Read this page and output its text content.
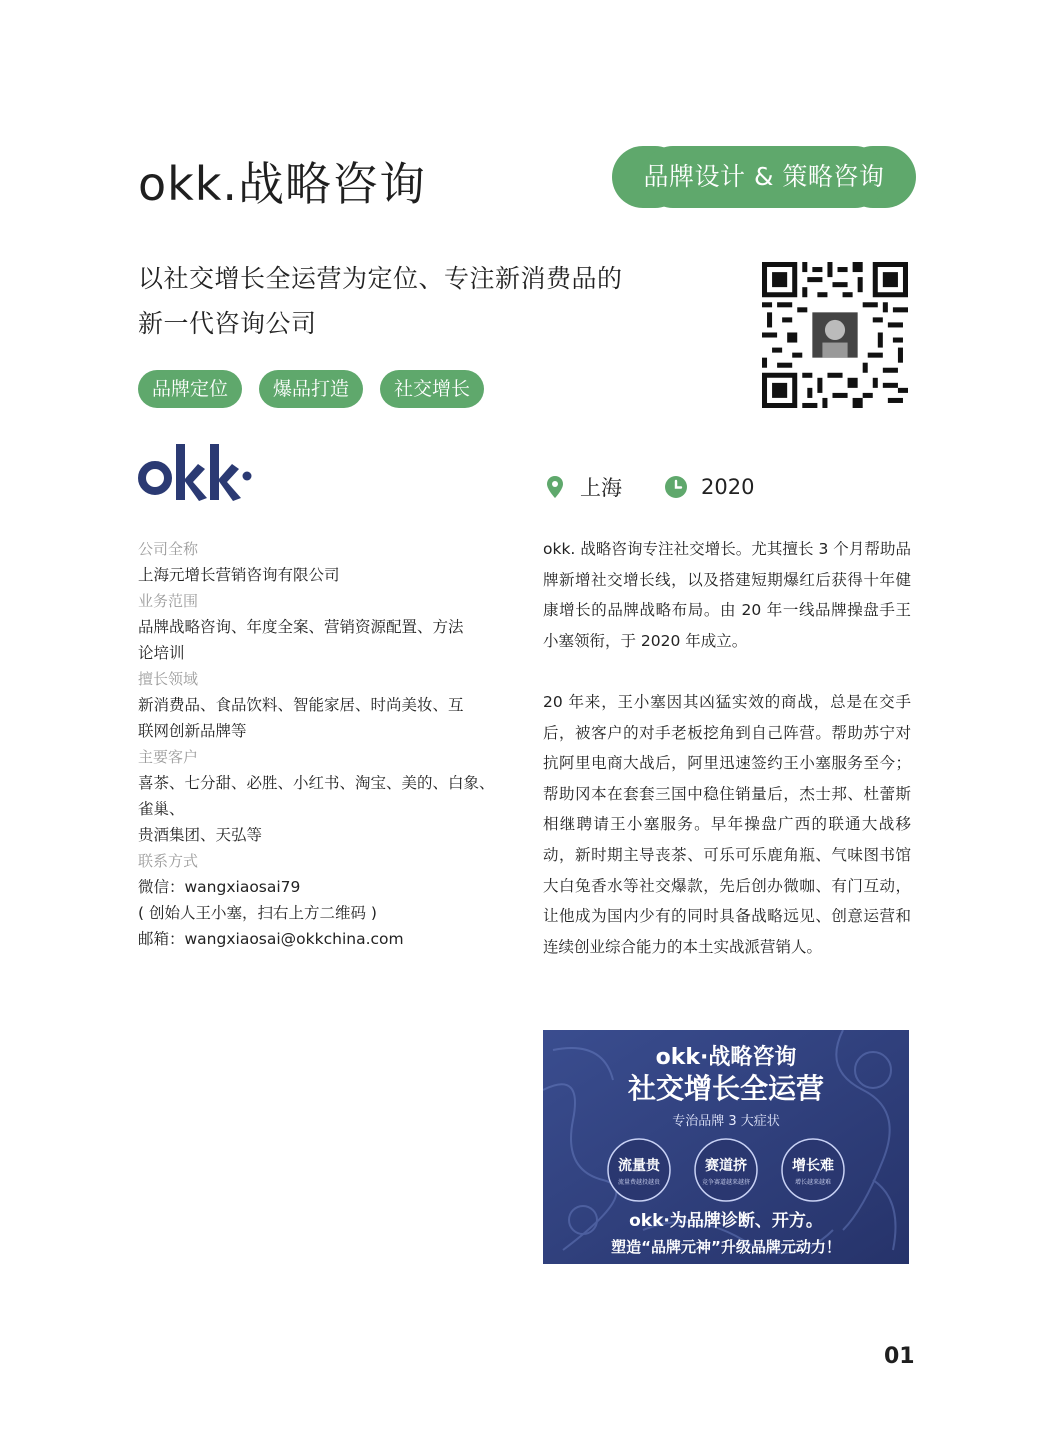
okk.战略咨询	品牌设计 & 策略咨询
以社交增长全运营为定位、专注新消费品的
新一代咨询公司
品牌定位	爆品打造	社交增长
上海	2020
公司全称
上海元增长营销咨询有限公司
业务范围
品牌战略咨询、年度全案、营销资源配置、方法
论培训
擅长领域
新消费品、食品饮料、智能家居、时尚美妆、互
联网创新品牌等
主要客户
喜茶、七分甜、必胜、小红书、淘宝、美的、白象、雀巢、
贵酒集团、天弘等
联系方式
微信：wangxiaosai79
( 创始人王小塞，扫右上方二维码 )
邮箱：wangxiaosai@okkchina.com

okk. 战略咨询专注社交增长。尤其擅长 3 个月帮助品牌新增社交增长线，以及搭建短期爆红后获得十年健康增长的品牌战略布局。由 20 年一线品牌操盘手王小塞领衔，于 2020 年成立。

20 年来，王小塞因其凶猛实效的商战，总是在交手后，被客户的对手老板挖角到自己阵营。帮助苏宁对抗阿里电商大战后，阿里迅速签约王小塞服务至今；帮助冈本在套套三国中稳住销量后，杰士邦、杜蕾斯相继聘请王小塞服务。早年操盘广西的联通大战移动，新时期主导丧茶、可乐可乐鹿角瓶、气味图书馆大白兔香水等社交爆款，先后创办微咖、有门互动，让他成为国内少有的同时具备战略远见、创意运营和连续创业综合能力的本土实战派营销人。

okk·战略咨询
社交增长全运营
专治品牌 3 大症状
流量贵
流量费越投越贵
赛道挤
竞争赛道越来越挤
增长难
增长越来越难
okk·为品牌诊断、开方。
塑造“品牌元神”升级品牌元动力！
01
